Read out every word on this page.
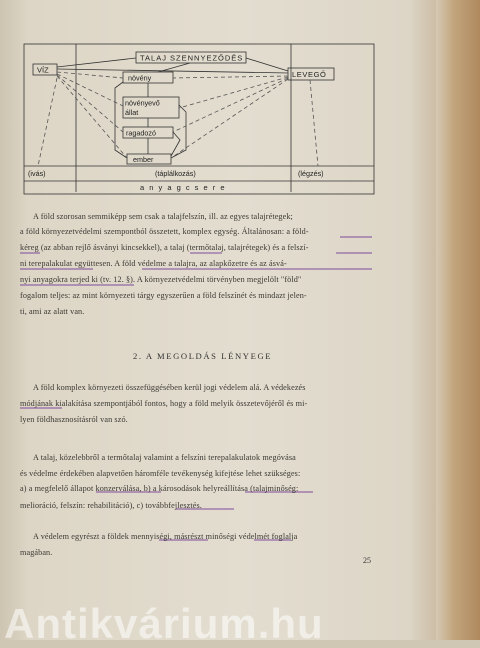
TALAJ SZENNYEZŐDÉS
VÍZ	LEVEGŐ
növény
növényevő
állat
ragadozó
ember
(ivás)	(táplálkozás)	(légzés)
a n y a g c s e r e
A föld szorosan semmiképp sem csak a talajfelszín, ill. az egyes talajrétegek;
a föld környezetvédelmi szempontból összetett, komplex egység. Általánosan: a föld-
kéreg (az abban rejlő ásványi kincsekkel), a talaj (termőtalaj, talajrétegek) és a felszí-
ni terepalakulat együttesen. A föld védelme a talajra, az alapkőzetre és az ásvá-
nyi anyagokra terjed ki (tv. 12. §). A környezetvédelmi törvényben megjelölt "föld"
fogalom teljes: az mint környezeti tárgy egyszerűen a föld felszínét és mindazt jelen-
ti, ami az alatt van.
2. A MEGOLDÁS LÉNYEGE
A föld komplex környezeti összefüggésében kerül jogi védelem alá. A védekezés
módjának kialakítása szempontjából fontos, hogy a föld melyik összetevőjéről és mi-
lyen földhasznosításról van szó.
A talaj, közelebbről a termőtalaj valamint a felszíni terepalakulatok megóvása
és védelme érdekében alapvetően háromféle tevékenység kifejtése lehet szükséges:
a) a megfelelő állapot konzerválása, b) a károsodások helyreállítása (talajminőség:
melioráció, felszín: rehabilitáció), c) továbbfejlesztés.
A védelem egyrészt a földek mennyiségi, másrészt minőségi védelmét foglalja
magában.
25
Antikvárium.hu
